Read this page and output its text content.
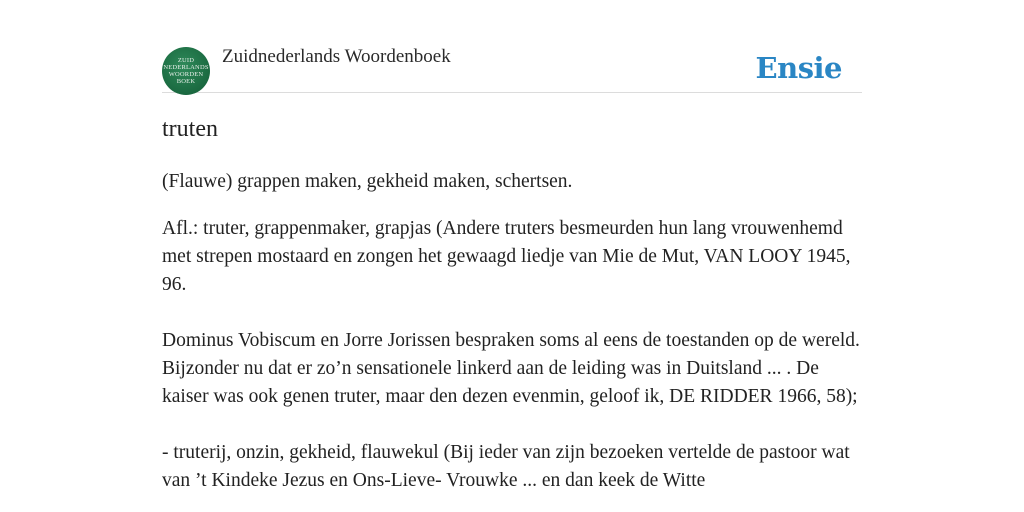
ZUID
NEDERLANDS
WOORDEN
BOEK
Zuidnederlands Woordenboek	Ensie
truten

(Flauwe) grappen maken, gekheid maken, schertsen.

Afl.: truter, grappenmaker, grapjas (Andere truters besmeurden hun lang vrouwenhemd met strepen mostaard en zongen het gewaagd liedje van Mie de Mut, VAN LOOY 1945, 96.

Dominus Vobiscum en Jorre Jorissen bespraken soms al eens de toestanden op de wereld. Bijzonder nu dat er zo’n sensationele linkerd aan de leiding was in Duitsland ... . De kaiser was ook genen truter, maar den dezen evenmin, geloof ik, DE RIDDER 1966, 58);

- truterij, onzin, gekheid, flauwekul (Bij ieder van zijn bezoeken vertelde de pastoor wat van ’t Kindeke Jezus en Ons-Lieve- Vrouwke ... en dan keek de Witte
